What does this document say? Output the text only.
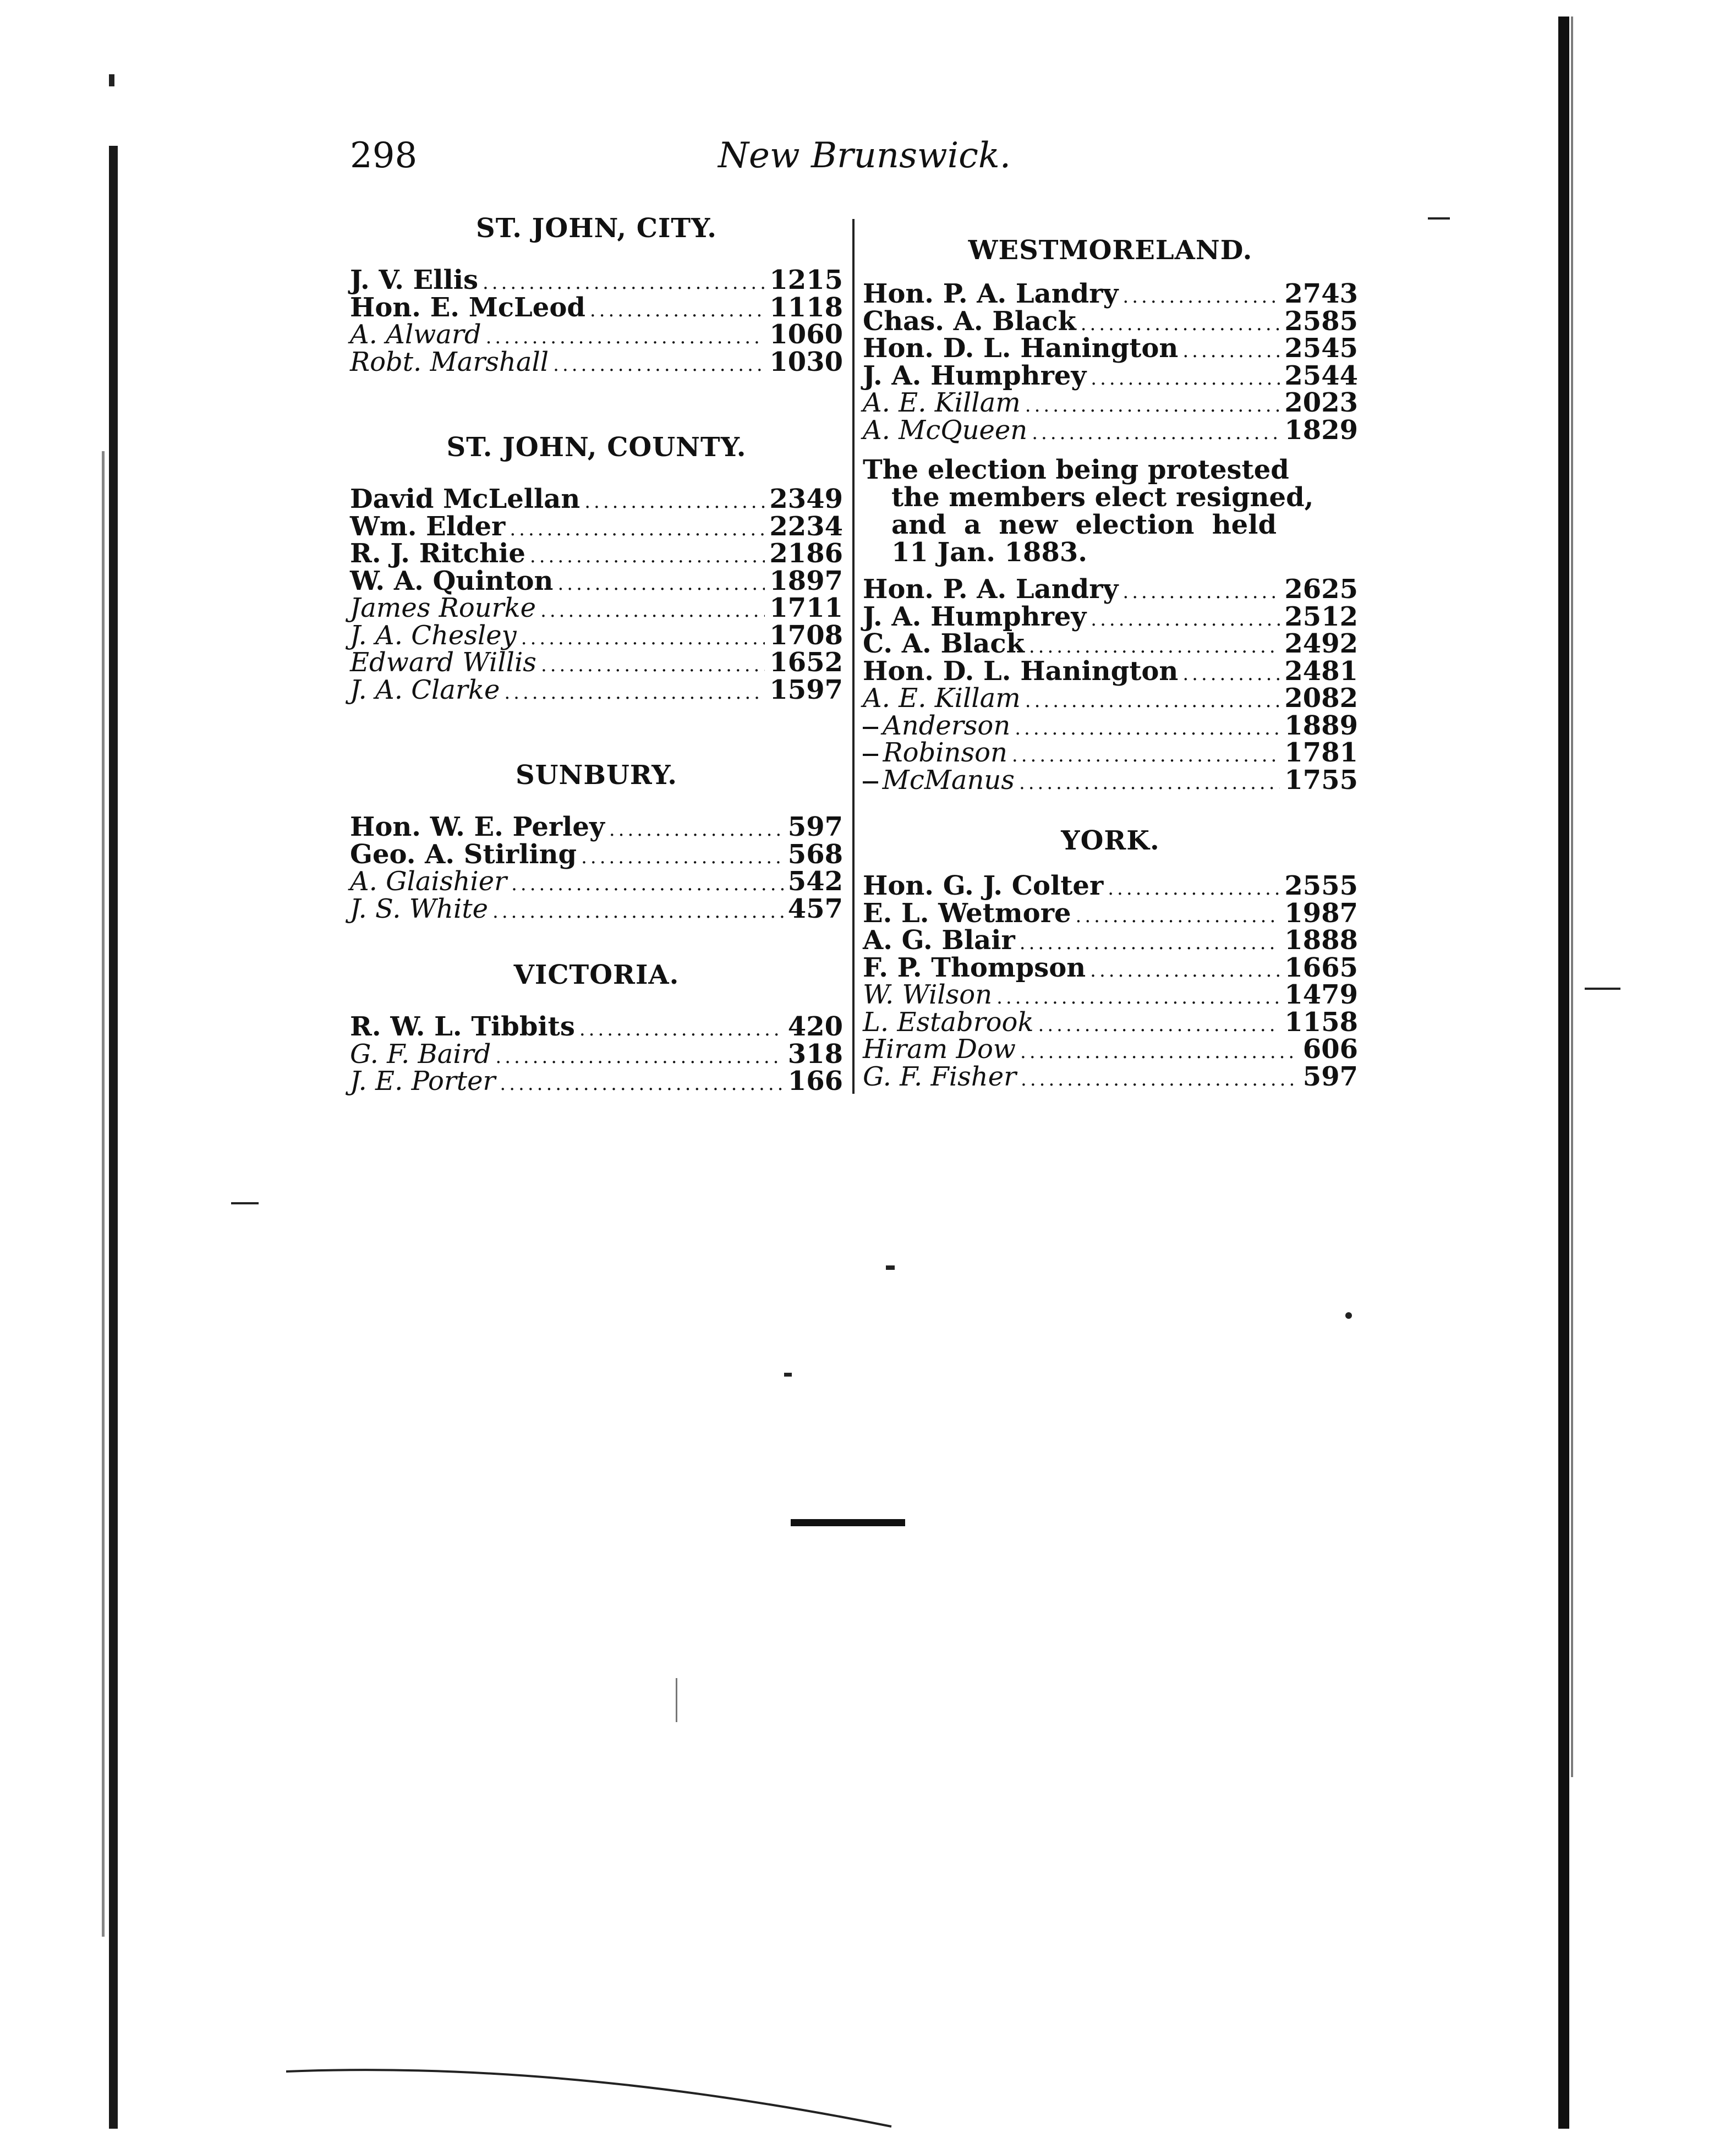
298	New Brunswick.
ST. JOHN, CITY.
J. V. Ellis .....	1215
Hon. E. McLeod .....	1118
A. Alward .....	1060
Robt. Marshall .....	1030
ST. JOHN, COUNTY.
David McLellan .....	2349
Wm. Elder .....	2234
R. J. Ritchie .....	2186
W. A. Quinton .....	1897
James Rourke .....	1711
J. A. Chesley .....	1708
Edward Willis .....	1652
J. A. Clarke .....	1597
SUNBURY.
Hon. W. E. Perley .....	597
Geo. A. Stirling .....	568
A. Glaishier .....	542
J. S. White .....	457
VICTORIA.
R. W. L. Tibbits .....	420
G. F. Baird .....	318
J. E. Porter .....	166
WESTMORELAND.
Hon. P. A. Landry .....	2743
Chas. A. Black .....	2585
Hon. D. L. Hanington .....	2545
J. A. Humphrey .....	2544
A. E. Killam .....	2023
A. McQueen .....	1829
The election being protested
the members elect resigned,
and a new election held
11 Jan. 1883.
Hon. P. A. Landry .....	2625
J. A. Humphrey .....	2512
C. A. Black .....	2492
Hon. D. L. Hanington .....	2481
A. E. Killam .....	2082
Anderson .....	1889
Robinson .....	1781
McManus .....	1755
YORK.
Hon. G. J. Colter .....	2555
E. L. Wetmore .....	1987
A. G. Blair .....	1888
F. P. Thompson .....	1665
W. Wilson .....	1479
L. Estabrook .....	1158
Hiram Dow .....	606
G. F. Fisher .....	597
